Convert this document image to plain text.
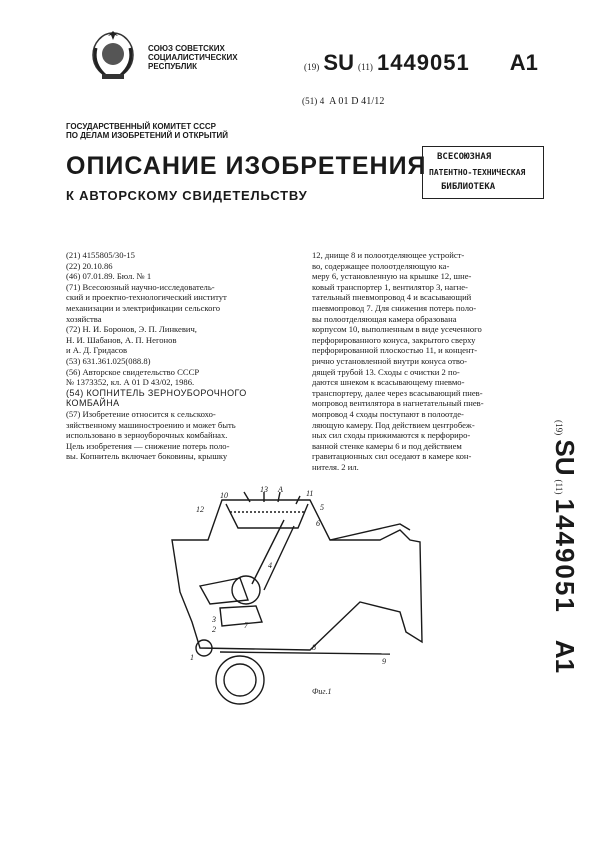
СОЮЗ СОВЕТСКИХ
СОЦИАЛИСТИЧЕСКИХ
РЕСПУБЛИК	(19) SU (11) 1449051 A1
(51) 4 A 01 D 41/12
ГОСУДАРСТВЕННЫЙ КОМИТЕТ СССР
ПО ДЕЛАМ ИЗОБРЕТЕНИЙ И ОТКРЫТИЙ
ОПИСАНИЕ ИЗОБРЕТЕНИЯ
К АВТОРСКОМУ СВИДЕТЕЛЬСТВУ
ВСЕСОЮЗНАЯ
ПАТЕНТНО-ТЕХНИЧЕСКАЯ
БИБЛИОТЕКА
(21) 4155805/30-15
(22) 20.10.86
(46) 07.01.89. Бюл. № 1
(71) Всесоюзный научно-исследователь-
ский и проектно-технологический институт
механизации и электрификации сельского
хозяйства
(72) Н. И. Боронов, Э. П. Линкевич,
Н. И. Шабанов, А. П. Негонов
и А. Д. Гридасов
(53) 631.361.025(088.8)
(56) Авторское свидетельство СССР
№ 1373352, кл. А 01 D 43/02, 1986.
(54) КОПНИТЕЛЬ ЗЕРНОУБОРОЧНОГО
КОМБАЙНА
(57) Изобретение относится к сельскохо-
зяйственному машиностроению и может быть
использовано в зерноуборочных комбайнах.
Цель изобретения — снижение потерь поло-
вы. Копнитель включает боковины, крышку
12, днище 8 и полоотделяющее устройст-
во, содержащее полоотделяющую ка-
меру 6, установленную на крышке 12, шне-
ковый транспортер 1, вентилятор 3, нагне-
тательный пневмопровод 4 и всасывающий
пневмопровод 7. Для снижения потерь поло-
вы полоотделяющая камера образована
корпусом 10, выполненным в виде усеченного
перфорированного конуса, закрытого сверху
перфорированной плоскостью 11, и концент-
рично установленной внутри конуса отво-
дящей трубой 13. Сходы с очистки 2 по-
даются шнеком к всасывающему пневмо-
транспортеру, далее через всасывающий пнев-
мопровод вентилятора в нагнетательный пнев-
мопровод 4 сходы поступают в полоотде-
ляющую камеру. Под действием центробеж-
ных сил сходы прижимаются к перфориро-
ванной стенке камеры 6 и под действием
гравитационных сил оседают в камере кон-
нителя. 2 ил.
(19) SU (11) 1449051 A1
10
13 A	11
5
12
6
4
3
2	7
1
8
9
Фиг.1
